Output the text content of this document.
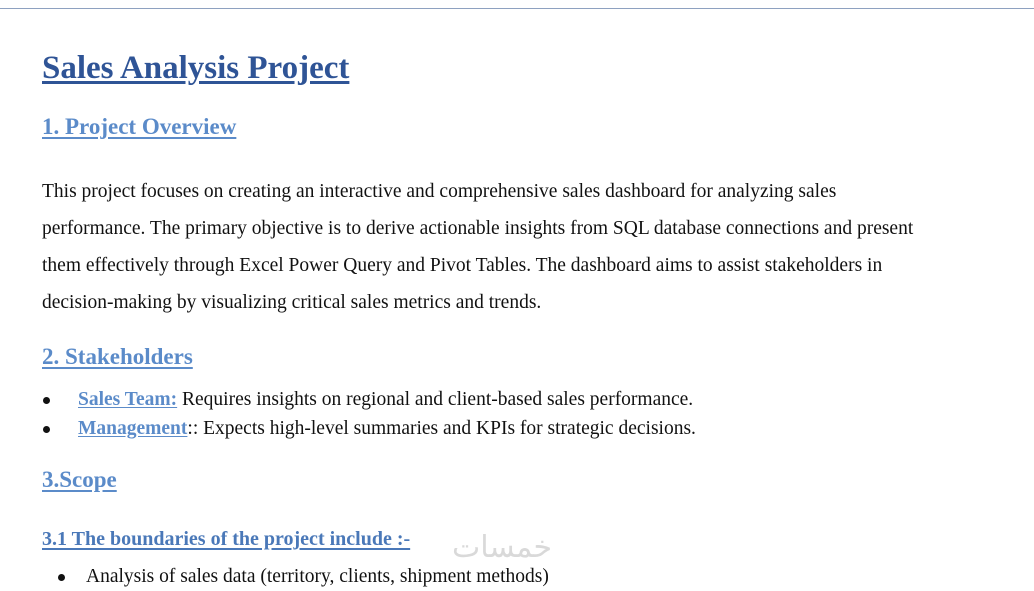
Sales Analysis Project
1. Project Overview

This project focuses on creating an interactive and comprehensive sales dashboard for analyzing sales performance. The primary objective is to derive actionable insights from SQL database connections and present them effectively through Excel Power Query and Pivot Tables. The dashboard aims to assist stakeholders in decision-making by visualizing critical sales metrics and trends.

2. Stakeholders
Sales Team: Requires insights on regional and client-based sales performance.
Management:: Expects high-level summaries and KPIs for strategic decisions.
3.Scope
3.1 The boundaries of the project include :-
Analysis of sales data (territory, clients, shipment methods)
خمسات
